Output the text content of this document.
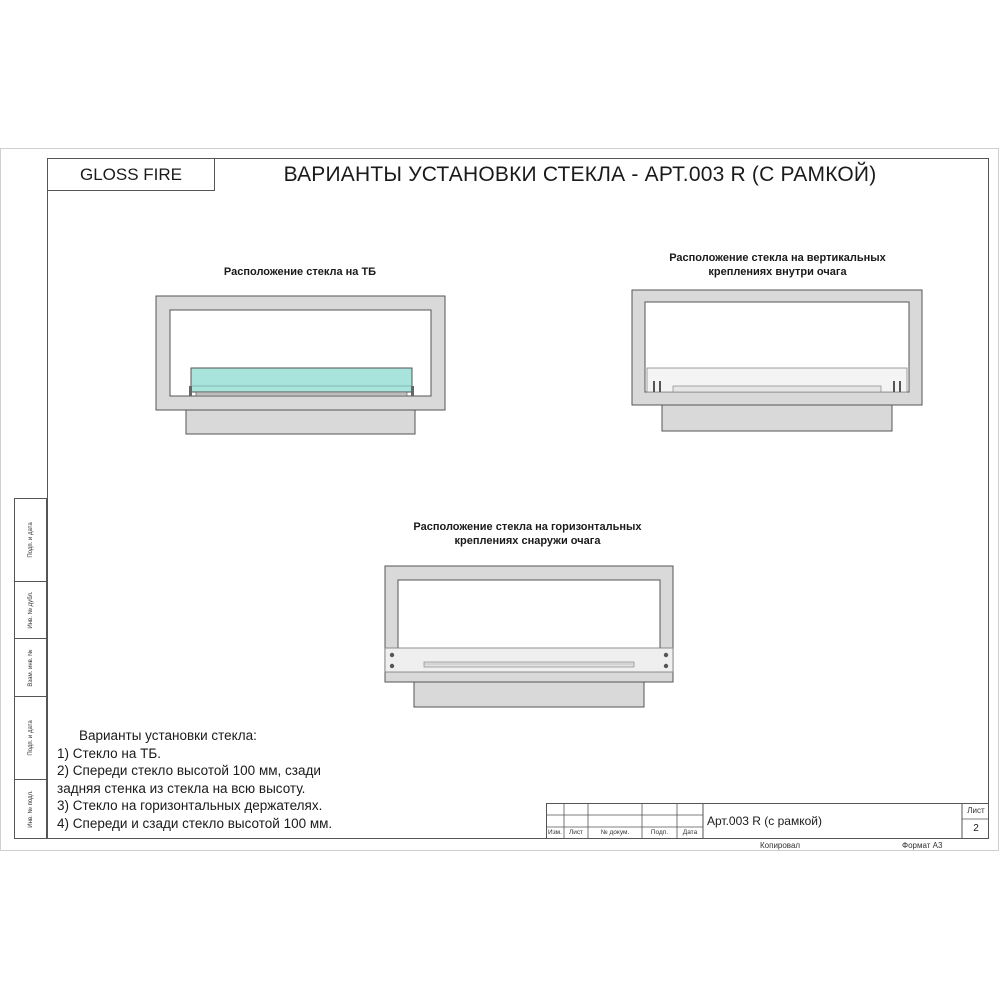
GLOSS FIRE	ВАРИАНТЫ УСТАНОВКИ СТЕКЛА - АРТ.003 R (С РАМКОЙ)
Расположение стекла на ТБ
Расположение стекла на вертикальных
креплениях внутри очага
Расположение стекла на горизонтальных
креплениях снаружи очага
Подп. и дата
Инв. № дубл.
Взам. инв. №
Подп. и дата
Инв. № подл.
Варианты установки стекла:
1) Стекло на ТБ.
2) Спереди стекло высотой 100 мм, сзади
задняя стенка из стекла на всю высоту.
3) Стекло на горизонтальных держателях.
4) Спереди и сзади стекло высотой 100 мм.
Изм.	Лист	№ докум.	Подп.	Дата
Арт.003 R (с рамкой)
Лист
2
Копировал	Формат А3
